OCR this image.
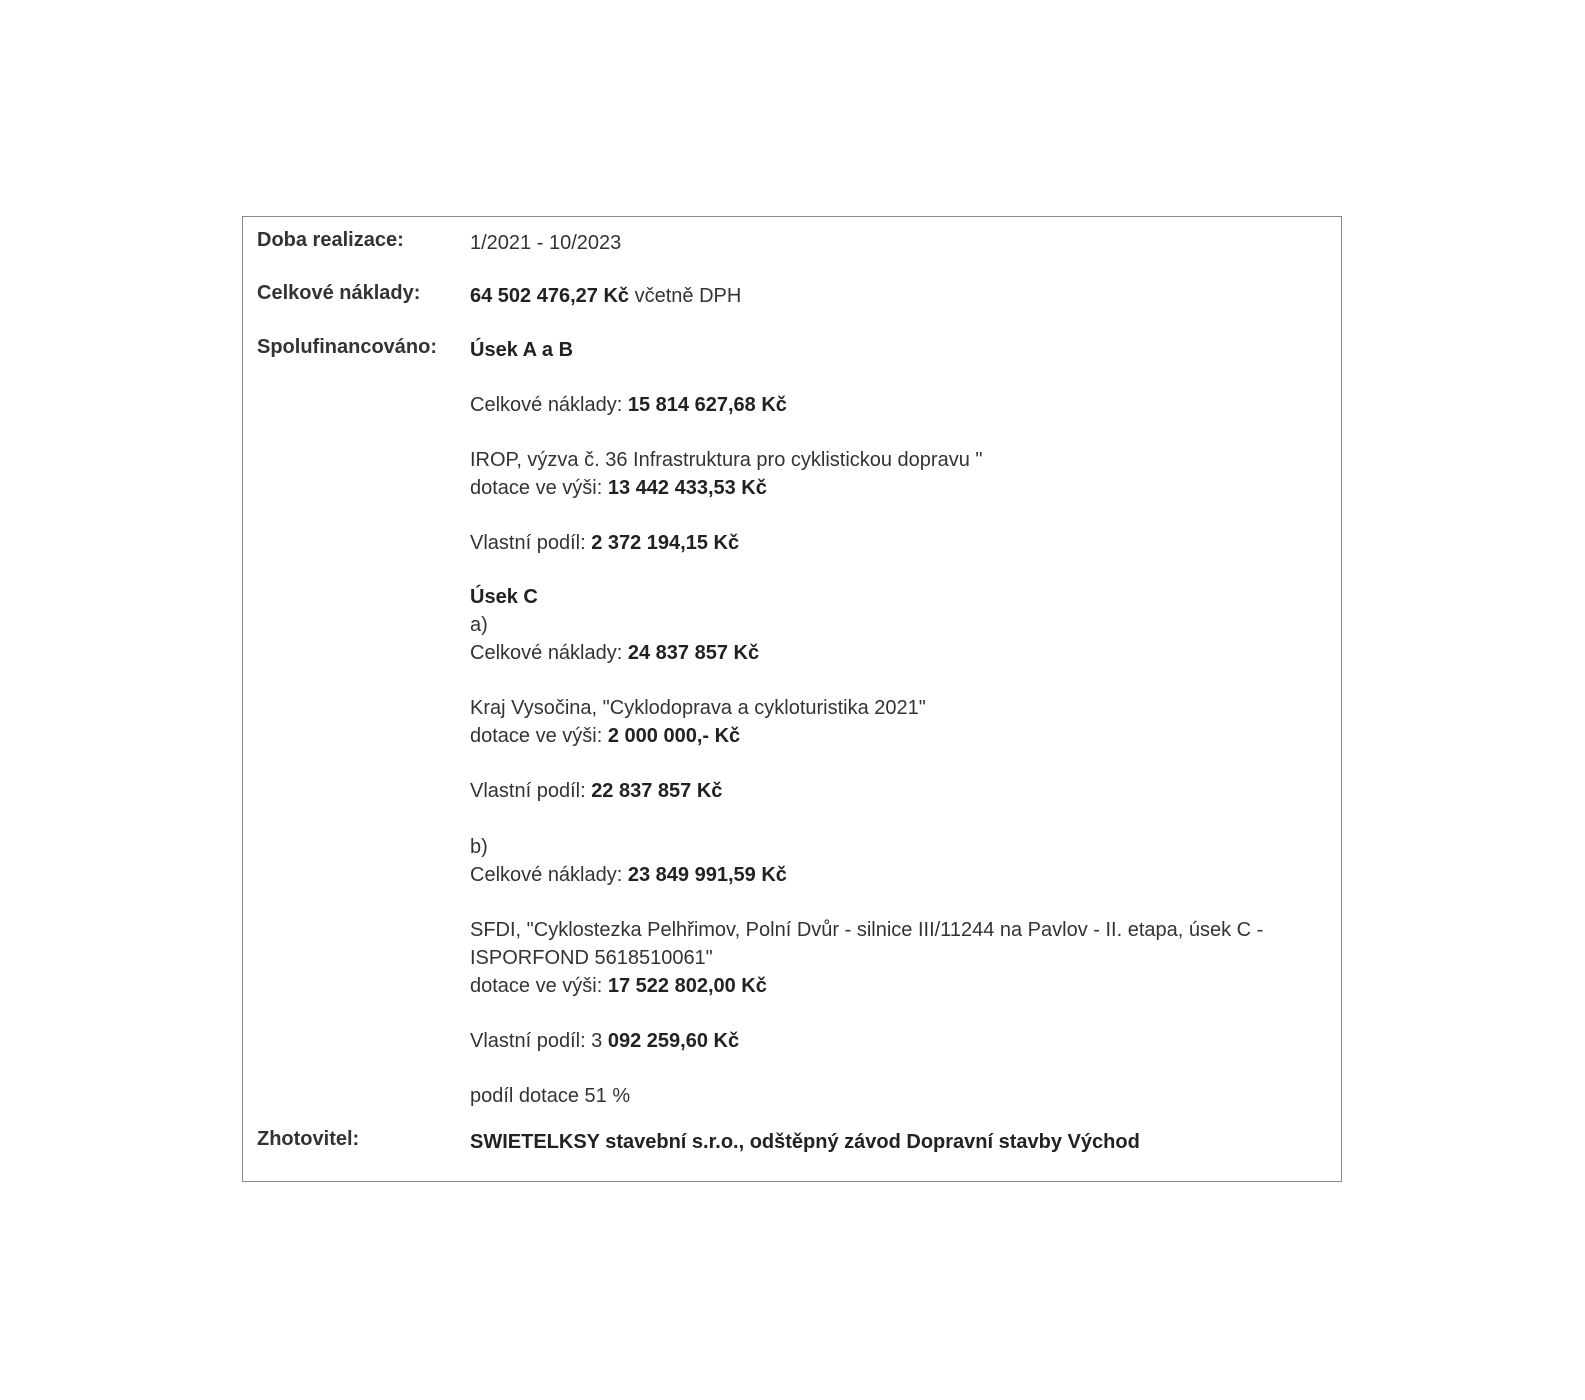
Doba realizace:	1/2021 - 10/2023
Celkové náklady: 64 502 476,27 Kč včetně DPH
Spolufinancováno: Úsek A a B
Celkové náklady: 15 814 627,68 Kč
IROP, výzva č. 36 Infrastruktura pro cyklistickou dopravu "
dotace ve výši: 13 442 433,53 Kč
Vlastní podíl: 2 372 194,15 Kč
Úsek C
a)
Celkové náklady: 24 837 857 Kč
Kraj Vysočina, "Cyklodoprava a cykloturistika 2021"
dotace ve výši: 2 000 000,- Kč
Vlastní podíl: 22 837 857 Kč
b)
Celkové náklady: 23 849 991,59 Kč
SFDI, "Cyklostezka Pelhřimov, Polní Dvůr - silnice III/11244 na Pavlov - II. etapa, úsek C - ISPORFOND 5618510061"
dotace ve výši: 17 522 802,00 Kč
Vlastní podíl: 3 092 259,60 Kč
podíl dotace 51 %
Zhotovitel:	SWIETELKSY stavební s.r.o., odštěpný závod Dopravní stavby Východ
